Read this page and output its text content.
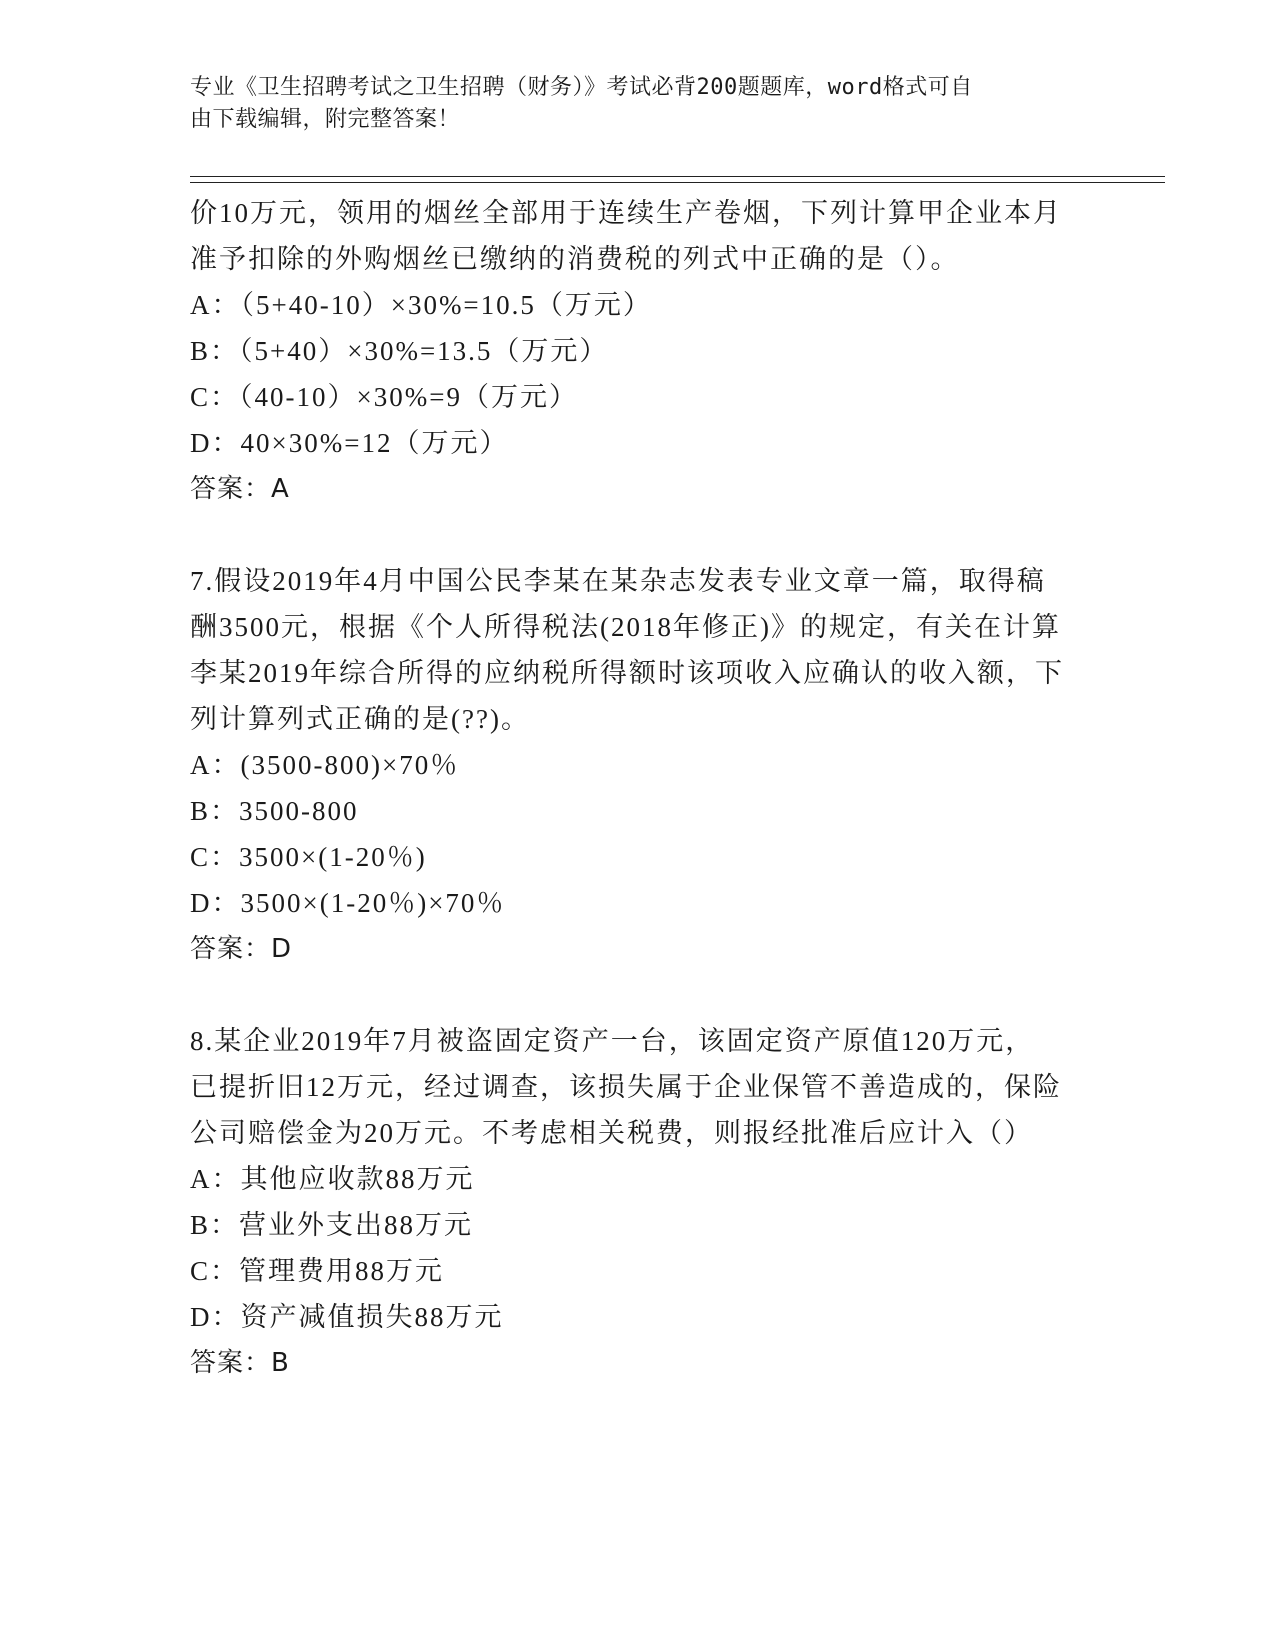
专业《卫生招聘考试之卫生招聘（财务）》考试必背200题题库，word格式可自
由下载编辑，附完整答案！
价10万元，领用的烟丝全部用于连续生产卷烟，下列计算甲企业本月
准予扣除的外购烟丝已缴纳的消费税的列式中正确的是（）。
A：（5+40-10）×30%=10.5（万元）
B：（5+40）×30%=13.5（万元）
C：（40-10）×30%=9（万元）
D：40×30%=12（万元）
答案：A
7.假设2019年4月中国公民李某在某杂志发表专业文章一篇，取得稿
酬3500元，根据《个人所得税法(2018年修正)》的规定，有关在计算
李某2019年综合所得的应纳税所得额时该项收入应确认的收入额，下
列计算列式正确的是(??)。
A：(3500-800)×70％
B：3500-800
C：3500×(1-20％)
D：3500×(1-20％)×70％
答案：D
8.某企业2019年7月被盗固定资产一台，该固定资产原值120万元，
已提折旧12万元，经过调查，该损失属于企业保管不善造成的，保险
公司赔偿金为20万元。不考虑相关税费，则报经批准后应计入（）
A：其他应收款88万元
B：营业外支出88万元
C：管理费用88万元
D：资产减值损失88万元
答案：B
